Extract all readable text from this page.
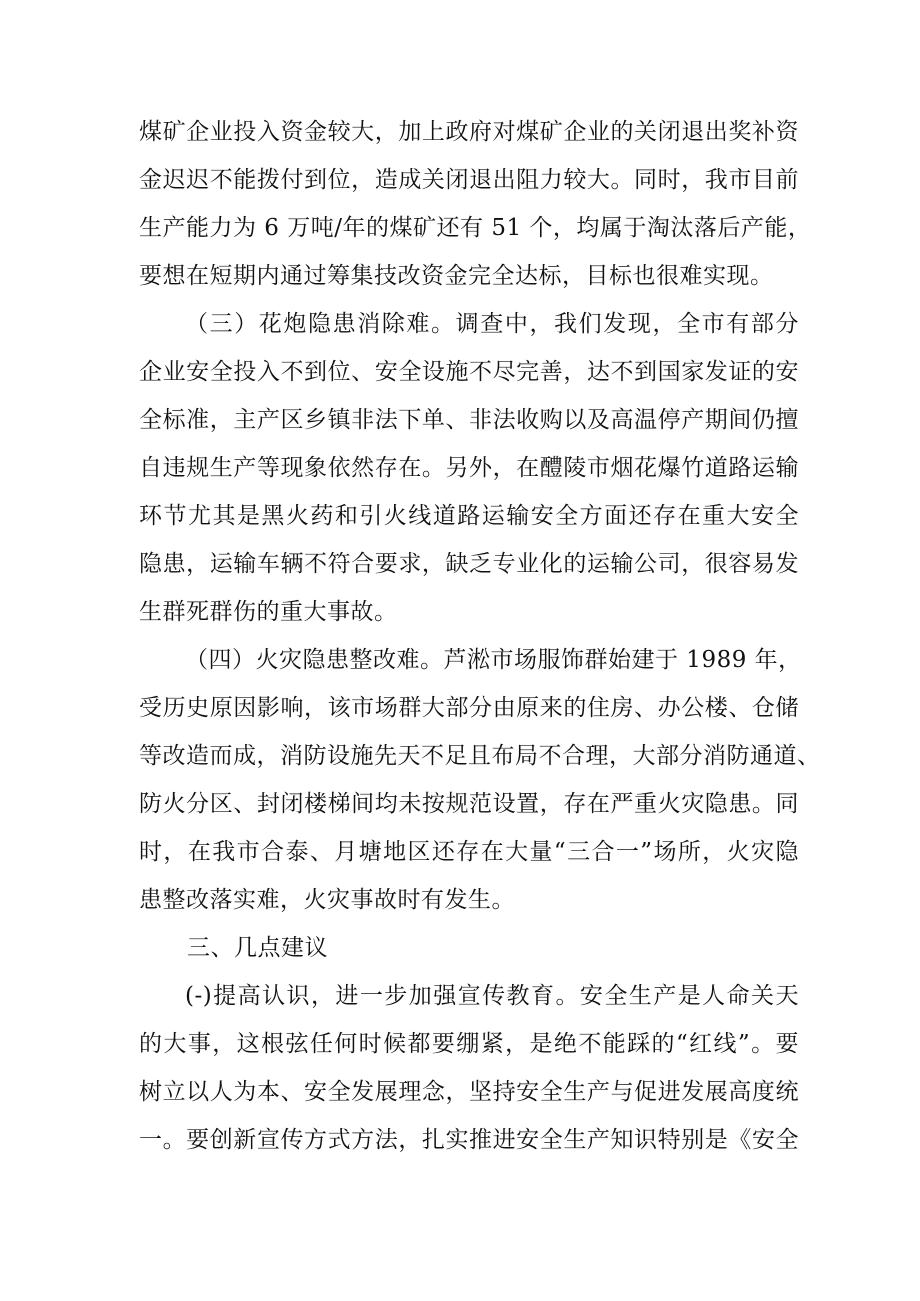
煤矿企业投入资金较大，加上政府对煤矿企业的关闭退出奖补资
金迟迟不能拨付到位，造成关闭退出阻力较大。同时，我市目前
生产能力为 6 万吨/年的煤矿还有 51 个，均属于淘汰落后产能，
要想在短期内通过筹集技改资金完全达标，目标也很难实现。
（三）花炮隐患消除难。调查中，我们发现，全市有部分
企业安全投入不到位、安全设施不尽完善，达不到国家发证的安
全标准，主产区乡镇非法下单、非法收购以及高温停产期间仍擅
自违规生产等现象依然存在。另外，在醴陵市烟花爆竹道路运输
环节尤其是黑火药和引火线道路运输安全方面还存在重大安全
隐患，运输车辆不符合要求，缺乏专业化的运输公司，很容易发
生群死群伤的重大事故。
（四）火灾隐患整改难。芦淞市场服饰群始建于 1989 年，
受历史原因影响，该市场群大部分由原来的住房、办公楼、仓储
等改造而成，消防设施先天不足且布局不合理，大部分消防通道、
防火分区、封闭楼梯间均未按规范设置，存在严重火灾隐患。同
时，在我市合泰、月塘地区还存在大量“三合一”场所，火灾隐
患整改落实难，火灾事故时有发生。
三、几点建议
(-)提高认识，进一步加强宣传教育。安全生产是人命关天
的大事，这根弦任何时候都要绷紧，是绝不能踩的“红线”。要
树立以人为本、安全发展理念，坚持安全生产与促进发展高度统
一。要创新宣传方式方法，扎实推进安全生产知识特别是《安全
